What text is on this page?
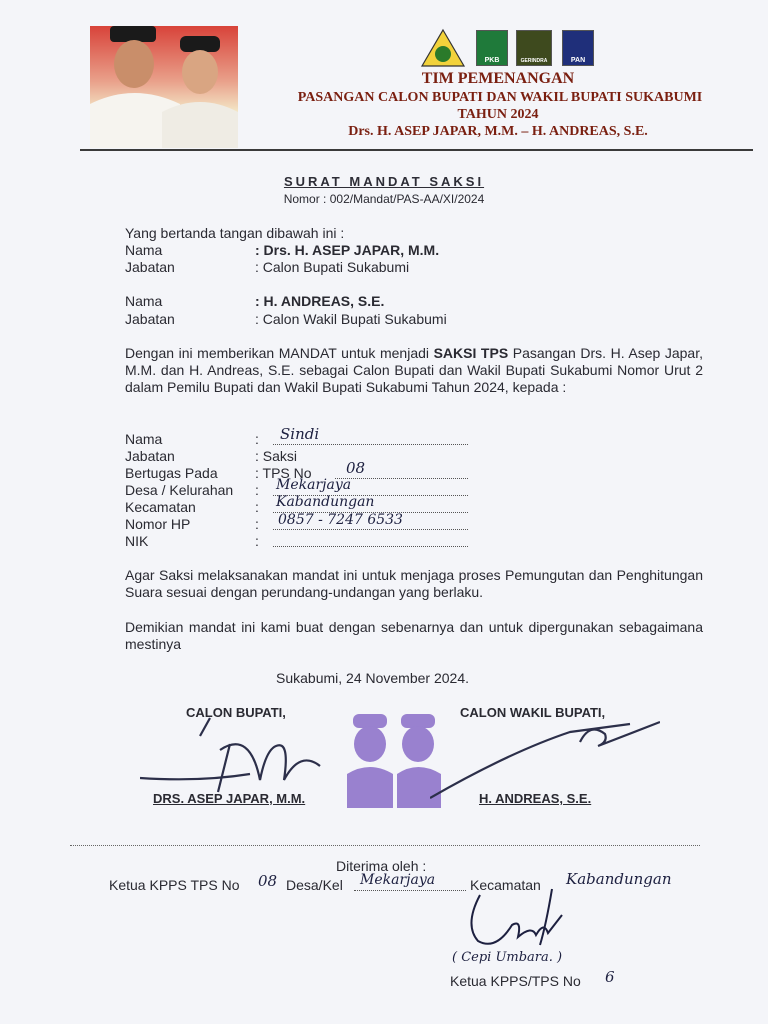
PKB	GERINDRA	PAN
TIM PEMENANGAN
PASANGAN CALON BUPATI DAN WAKIL BUPATI SUKABUMI
TAHUN 2024
Drs. H. ASEP JAPAR, M.M. – H. ANDREAS, S.E.
SURAT MANDAT SAKSI
Nomor : 002/Mandat/PAS-AA/XI/2024
Yang bertanda tangan dibawah ini :
Nama	: Drs. H. ASEP JAPAR, M.M.
Jabatan	: Calon Bupati Sukabumi
Nama	: H. ANDREAS, S.E.
Jabatan	: Calon Wakil Bupati Sukabumi
Dengan ini memberikan MANDAT untuk menjadi SAKSI TPS Pasangan Drs. H. Asep Japar, M.M. dan H. Andreas, S.E. sebagai Calon Bupati dan Wakil Bupati Sukabumi Nomor Urut 2 dalam Pemilu Bupati dan Wakil Bupati Sukabumi Tahun 2024, kepada :
Nama	: Sindi
Jabatan	: Saksi
Bertugas Pada	: TPS No 08
Desa / Kelurahan : Mekarjaya
Kecamatan	: Kabandungan
Nomor HP	: 0857 - 7247 6533
NIK	:
Agar Saksi melaksanakan mandat ini untuk menjaga proses Pemungutan dan Penghitungan Suara sesuai dengan perundang-undangan yang berlaku.
Demikian mandat ini kami buat dengan sebenarnya dan untuk dipergunakan sebagaimana mestinya
Sukabumi, 24 November 2024.
CALON BUPATI,	CALON WAKIL BUPATI,
DRS. ASEP JAPAR, M.M.	H. ANDREAS, S.E.
Diterima oleh :
Ketua KPPS TPS No 08 Desa/Kel Mekarjaya Kecamatan Kabandungan
( Cepi Umbara. )
Ketua KPPS/TPS No 6
